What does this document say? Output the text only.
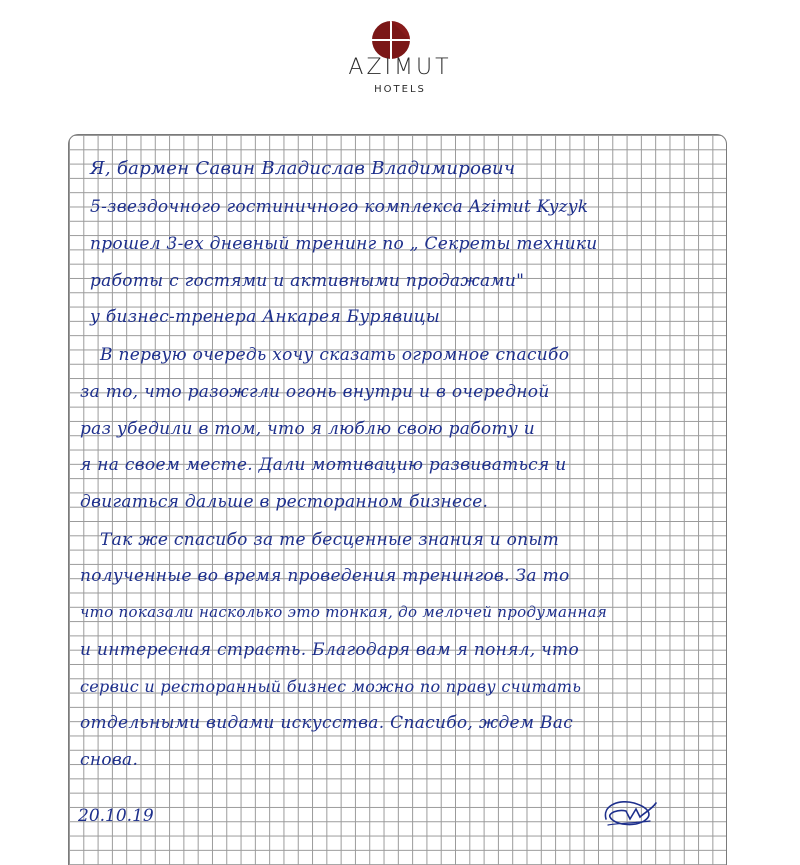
AZIMUT
HOTELS
Я, бармен Савин Владислав Владимирович
5-звездочного гостиничного комплекса Azimut Kyzyk
прошел 3-ех дневный тренинг по „ Секреты техники
работы с гостями и активными продажами"
у бизнес-тренера Анкарея Бурявицы
В первую очередь хочу сказать огромное спасибо
за то, что разожгли огонь внутри и в очередной
раз убедили в том, что я люблю свою работу и
я на своем месте. Дали мотивацию развиваться и
двигаться дальше в ресторанном бизнесе.
Так же спасибо за те бесценные знания и опыт
полученные во время проведения тренингов. За то
что показали насколько это тонкая, до мелочей продуманная
и интересная страсть. Благодаря вам я понял, что
сервис и ресторанный бизнес можно по праву считать
отдельными видами искусства. Спасибо, ждем Вас
снова.
20.10.19
